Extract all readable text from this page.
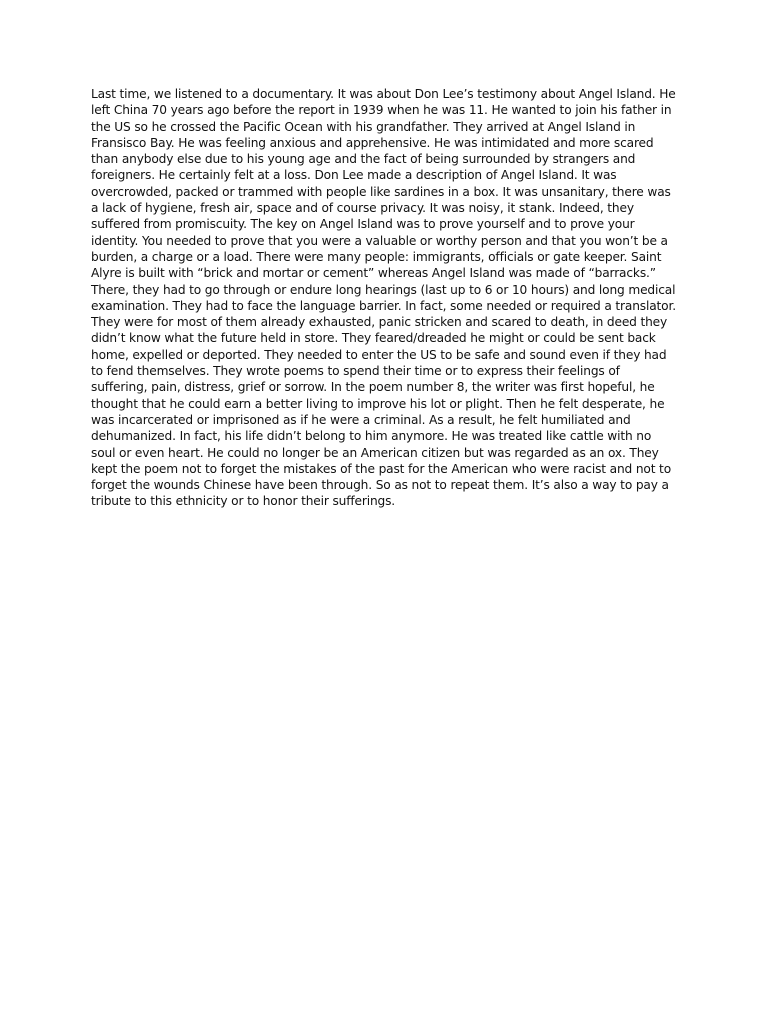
Last time, we listened to a documentary. It was about Don Lee’s testimony about Angel Island. He left China 70 years ago before the report in 1939 when he was 11. He wanted to join his father in the US so he crossed the Pacific Ocean with his grandfather. They arrived at Angel Island in Fransisco Bay. He was feeling anxious and apprehensive. He was intimidated and more scared than anybody else due to his young age and the fact of being surrounded by strangers and foreigners. He certainly felt at a loss. Don Lee made a description of Angel Island. It was overcrowded, packed or trammed with people like sardines in a box. It was unsanitary, there was a lack of hygiene, fresh air, space and of course privacy. It was noisy, it stank. Indeed, they suffered from promiscuity. The key on Angel Island was to prove yourself and to prove your identity. You needed to prove that you were a valuable or worthy person and that you won’t be a burden, a charge or a load. There were many people: immigrants, officials or gate keeper. Saint Alyre is built with “brick and mortar or cement” whereas Angel Island was made of “barracks.” There, they had to go through or endure long hearings (last up to 6 or 10 hours) and long medical examination. They had to face the language barrier. In fact, some needed or required a translator. They were for most of them already exhausted, panic stricken and scared to death, in deed they didn’t know what the future held in store. They feared/dreaded he might or could be sent back home, expelled or deported. They needed to enter the US to be safe and sound even if they had to fend themselves. They wrote poems to spend their time or to express their feelings of suffering, pain, distress, grief or sorrow. In the poem number 8, the writer was first hopeful, he thought that he could earn a better living to improve his lot or plight. Then he felt desperate, he was incarcerated or imprisoned as if he were a criminal. As a result, he felt humiliated and dehumanized. In fact, his life didn’t belong to him anymore. He was treated like cattle with no soul or even heart. He could no longer be an American citizen but was regarded as an ox. They kept the poem not to forget the mistakes of the past for the American who were racist and not to forget the wounds Chinese have been through. So as not to repeat them. It’s also a way to pay a tribute to this ethnicity or to honor their sufferings.
